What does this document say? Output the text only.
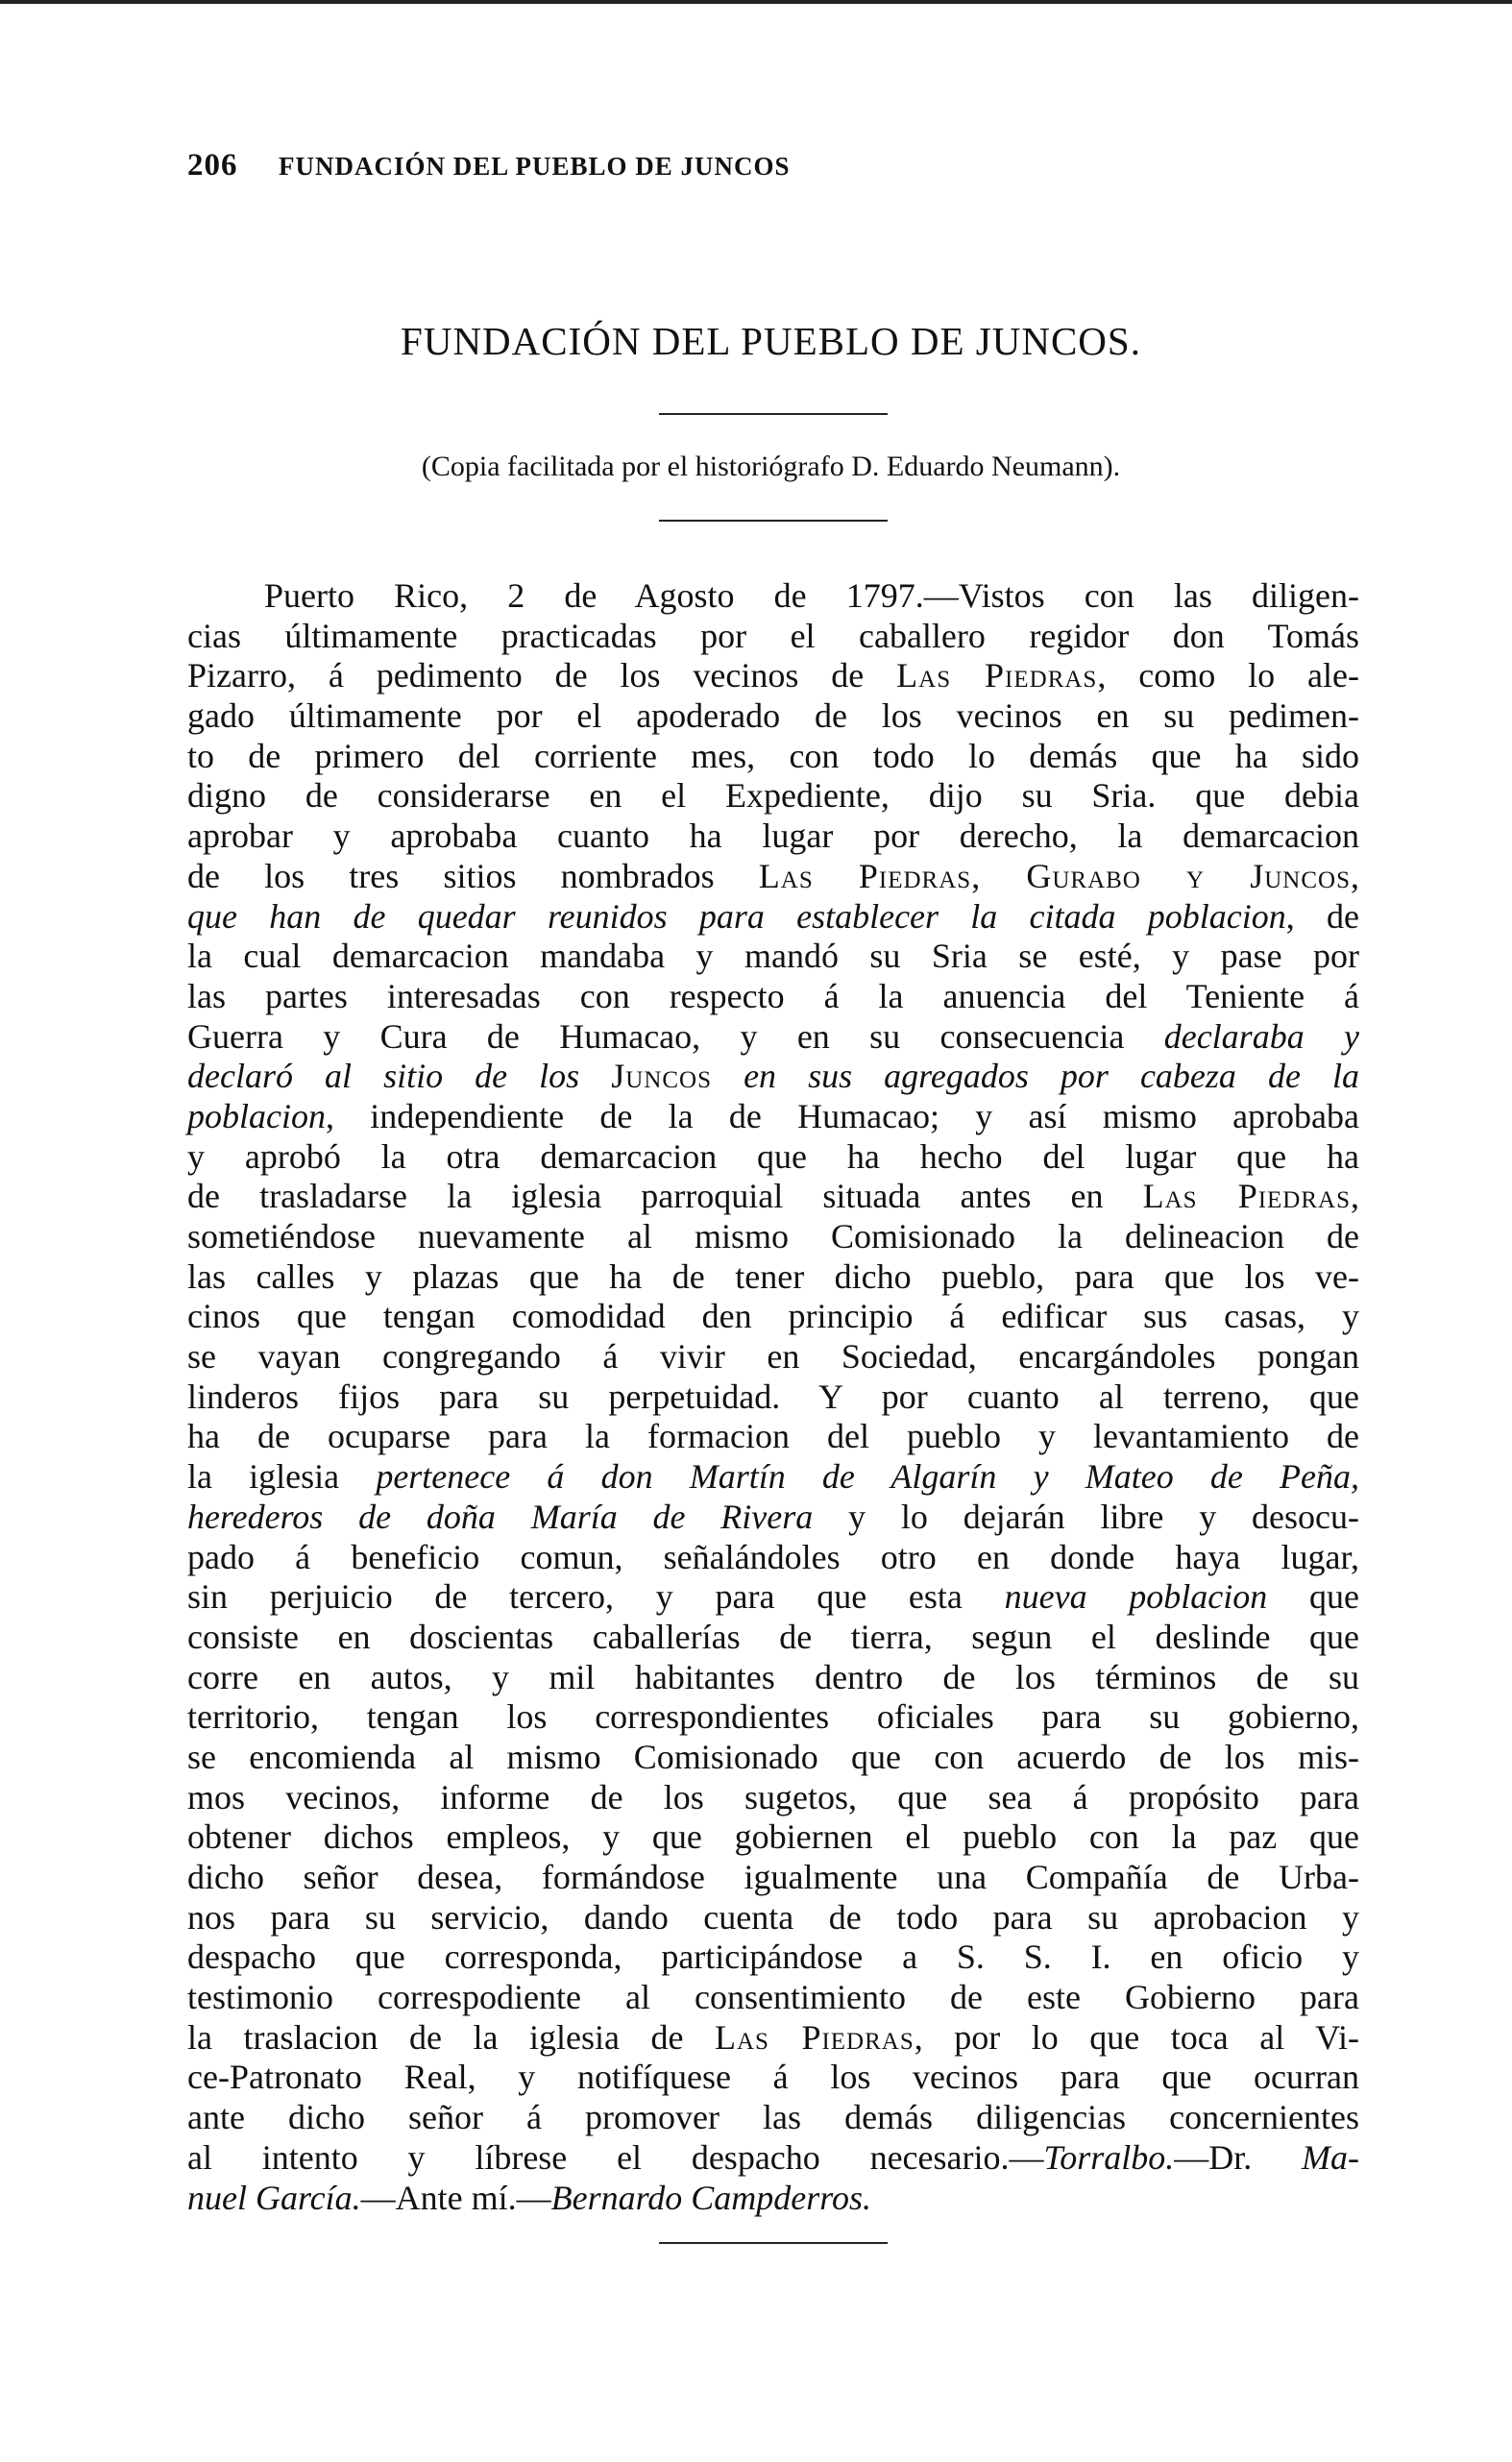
206 FUNDACIÓN DEL PUEBLO DE JUNCOS
FUNDACIÓN DEL PUEBLO DE JUNCOS.
(Copia facilitada por el historiógrafo D. Eduardo Neumann).
Puerto Rico, 2 de Agosto de 1797.—Vistos con las diligen-
cias últimamente practicadas por el caballero regidor don Tomás
Pizarro, á pedimento de los vecinos de Las Piedras, como lo ale-
gado últimamente por el apoderado de los vecinos en su pedimen-
to de primero del corriente mes, con todo lo demás que ha sido
digno de considerarse en el Expediente, dijo su Sria. que debia
aprobar y aprobaba cuanto ha lugar por derecho, la demarcacion
de los tres sitios nombrados Las Piedras, Gurabo y Juncos,
que han de quedar reunidos para establecer la citada poblacion, de
la cual demarcacion mandaba y mandó su Sria se esté, y pase por
las partes interesadas con respecto á la anuencia del Teniente á
Guerra y Cura de Humacao, y en su consecuencia declaraba y
declaró al sitio de los Juncos en sus agregados por cabeza de la
poblacion, independiente de la de Humacao; y así mismo aprobaba
y aprobó la otra demarcacion que ha hecho del lugar que ha
de trasladarse la iglesia parroquial situada antes en Las Piedras,
sometiéndose nuevamente al mismo Comisionado la delineacion de
las calles y plazas que ha de tener dicho pueblo, para que los ve-
cinos que tengan comodidad den principio á edificar sus casas, y
se vayan congregando á vivir en Sociedad, encargándoles pongan
linderos fijos para su perpetuidad. Y por cuanto al terreno, que
ha de ocuparse para la formacion del pueblo y levantamiento de
la iglesia pertenece á don Martín de Algarín y Mateo de Peña,
herederos de doña María de Rivera y lo dejarán libre y desocu-
pado á beneficio comun, señalándoles otro en donde haya lugar,
sin perjuicio de tercero, y para que esta nueva poblacion que
consiste en doscientas caballerías de tierra, segun el deslinde que
corre en autos, y mil habitantes dentro de los términos de su
territorio, tengan los correspondientes oficiales para su gobierno,
se encomienda al mismo Comisionado que con acuerdo de los mis-
mos vecinos, informe de los sugetos, que sea á propósito para
obtener dichos empleos, y que gobiernen el pueblo con la paz que
dicho señor desea, formándose igualmente una Compañía de Urba-
nos para su servicio, dando cuenta de todo para su aprobacion y
despacho que corresponda, participándose a S. S. I. en oficio y
testimonio correspodiente al consentimiento de este Gobierno para
la traslacion de la iglesia de Las Piedras, por lo que toca al Vi-
ce-Patronato Real, y notifíquese á los vecinos para que ocurran
ante dicho señor á promover las demás diligencias concernientes
al intento y líbrese el despacho necesario.—Torralbo.—Dr. Ma-
nuel García.—Ante mí.—Bernardo Campderros.
